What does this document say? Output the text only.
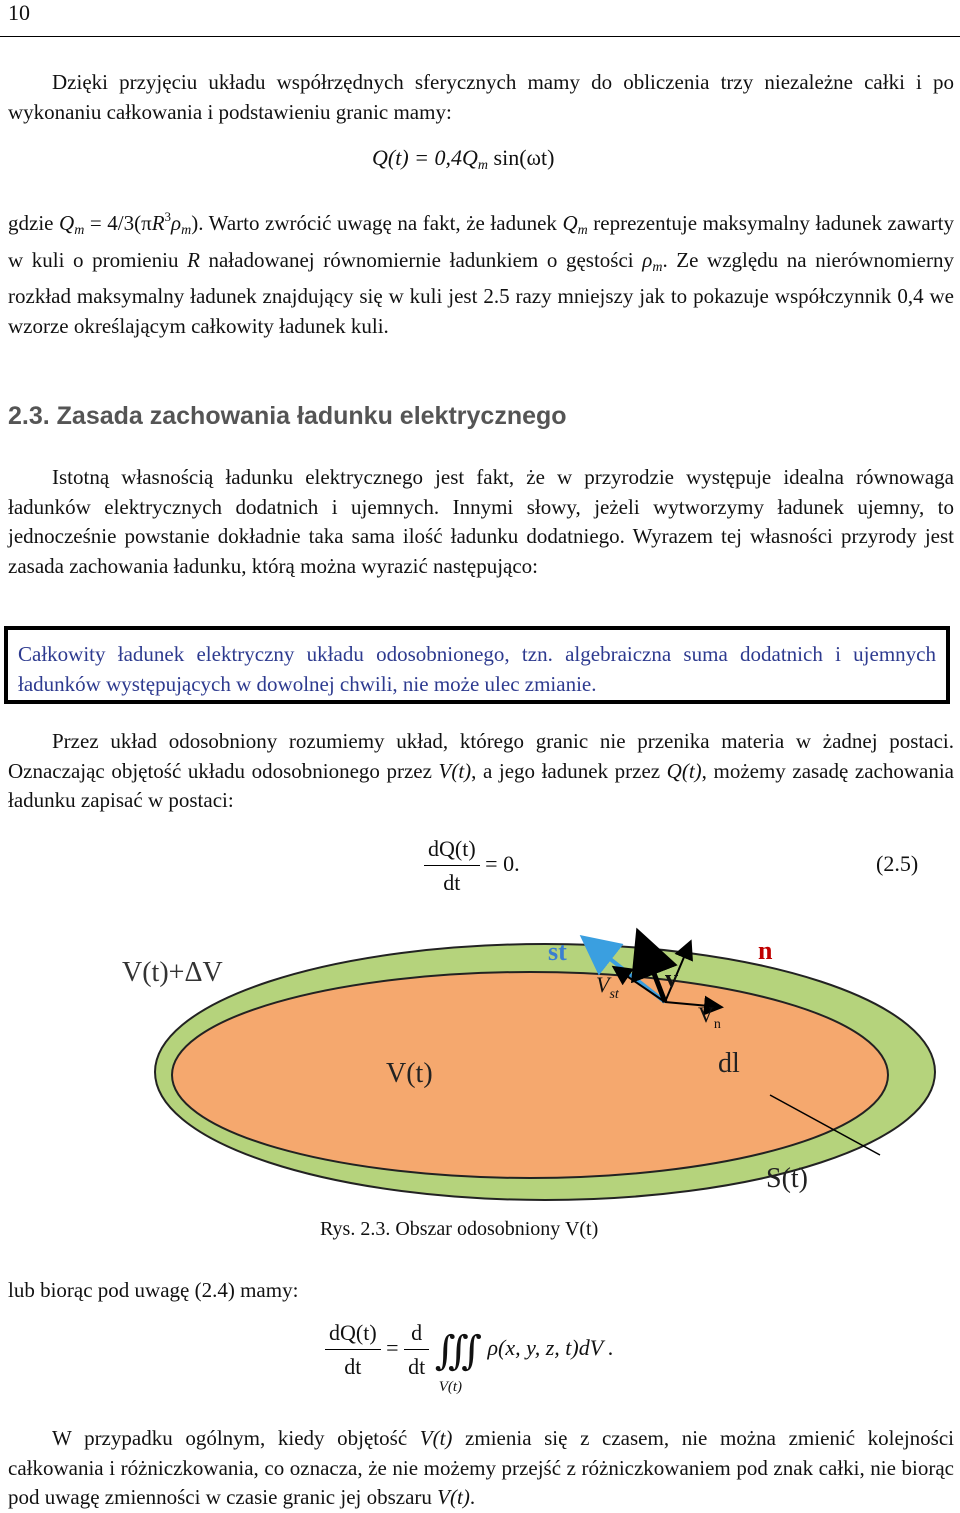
10

Dzięki przyjęciu układu współrzędnych sferycznych mamy do obliczenia trzy niezależne całki i po wykonaniu całkowania i podstawieniu granic mamy:

$Q(t) = 0,4Q_m$ sin(ωt)

gdzie $Q_m = 4/3(\pi R^3\rho_m)$. Warto zwrócić uwagę na fakt, że ładunek $Q_m$ reprezentuje maksymalny ładunek zawarty w kuli o promieniu R naładowanej równomiernie ładunkiem o gęstości $\rho_m$. Ze względu na nierównomierny rozkład maksymalny ładunek znajdujący się w kuli jest 2.5 razy mniejszy jak to pokazuje współczynnik 0,4 we wzorze określającym całkowity ładunek kuli.

2.3. Zasada zachowania ładunku elektrycznego

Istotną własnością ładunku elektrycznego jest fakt, że w przyrodzie występuje idealna równowaga ładunków elektrycznych dodatnich i ujemnych. Innymi słowy, jeżeli wytworzymy ładunek ujemny, to jednocześnie powstanie dokładnie taka sama ilość ładunku dodatniego. Wyrazem tej własności przyrody jest zasada zachowania ładunku, którą można wyrazić następująco:

Całkowity ładunek elektryczny układu odosobnionego, tzn. algebraiczna suma dodatnich i ujemnych ładunków występujących w dowolnej chwili, nie może ulec zmianie.

Przez układ odosobniony rozumiemy układ, którego granic nie przenika materia w żadnej postaci. Oznaczając objętość układu odosobnionego przez V(t), a jego ładunek przez Q(t), możemy zasadę zachowania ładunku zapisać w postaci:

$\frac{dQ(t)}{dt} = 0$.	(2.5)
V(t)+ΔV
V(t)
st	n
v
$V_{st}$
$V_n$
dl
S(t)
Rys. 2.3. Obszar odosobniony V(t)

lub biorąc pod uwagę (2.4) mamy:

$\frac{dQ(t)}{dt} = \frac{d}{dt}$ ∭
V(t)
ρ(x, y, z, t)dV .

W przypadku ogólnym, kiedy objętość V(t) zmienia się z czasem, nie można zmienić kolejności całkowania i różniczkowania, co oznacza, że nie możemy przejść z różniczkowaniem pod znak całki, nie biorąc pod uwagę zmienności w czasie granic jej obszaru V(t).
